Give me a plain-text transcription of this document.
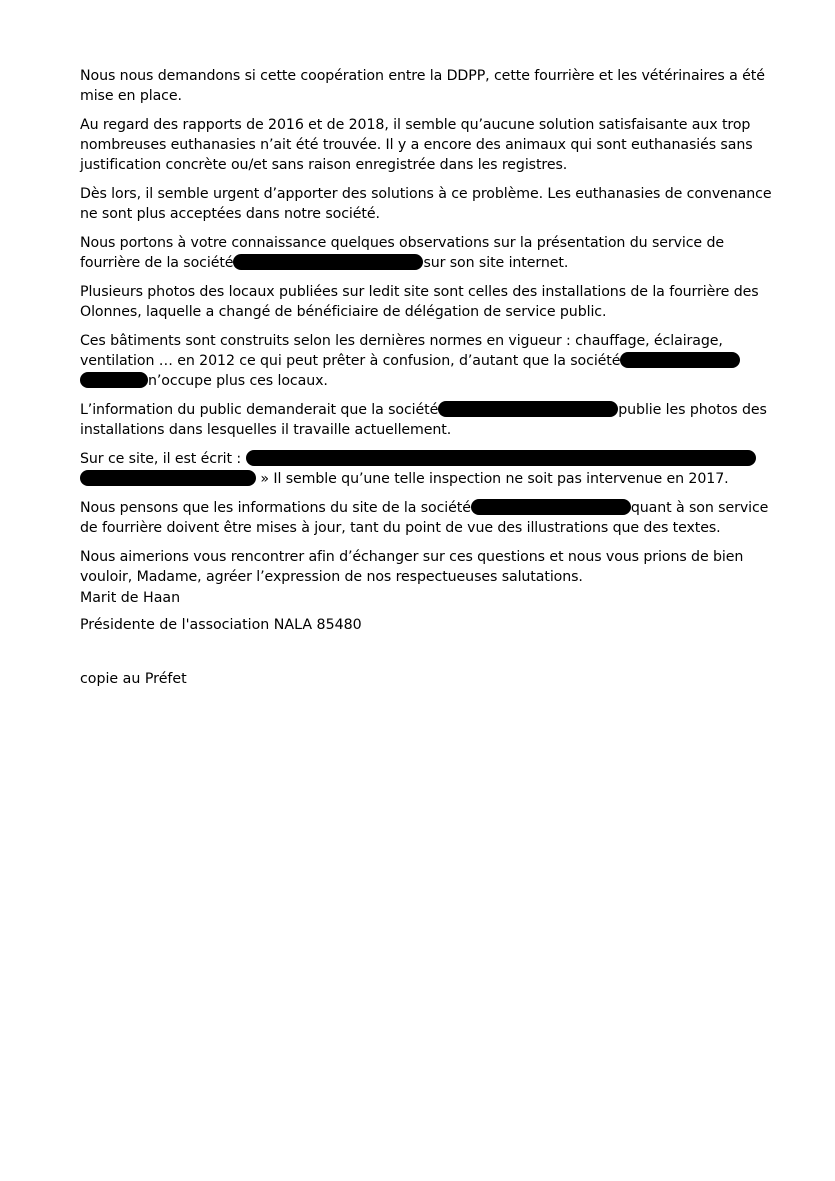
Nous nous demandons si cette coopération entre la DDPP, cette fourrière et les vétérinaires a été mise en place.

Au regard des rapports de 2016 et de 2018, il semble qu’aucune solution satisfaisante aux trop nombreuses euthanasies n’ait été trouvée. Il y a encore des animaux qui sont euthanasiés sans justification concrète ou/et sans raison enregistrée dans les registres.

Dès lors, il semble urgent d’apporter des solutions à ce problème. Les euthanasies de convenance ne sont plus acceptées dans notre société.

Nous portons à votre connaissance quelques observations sur la présentation du service de fourrière de la société	sur son site internet.

Plusieurs photos des locaux publiées sur ledit site sont celles des installations de la fourrière des Olonnes, laquelle a changé de bénéficiaire de délégation de service public.

Ces bâtiments sont construits selon les dernières normes en vigueur : chauffage, éclairage, ventilation … en 2012 ce qui peut prêter à confusion, d’autant que la société n’occupe plus ces locaux.

L’information du public demanderait que la société	publie les photos des installations dans lesquelles il travaille actuellement.

Sur ce site, il est écrit :   » Il semble qu’une telle inspection ne soit pas intervenue en 2017.

Nous pensons que les informations du site de la société	quant à son service de fourrière doivent être mises à jour, tant du point de vue des illustrations que des textes.

Nous aimerions vous rencontrer afin d’échanger sur ces questions et nous vous prions de bien vouloir, Madame, agréer l’expression de nos respectueuses salutations.

Marit de Haan
Présidente de l'association NALA 85480
copie au Préfet
